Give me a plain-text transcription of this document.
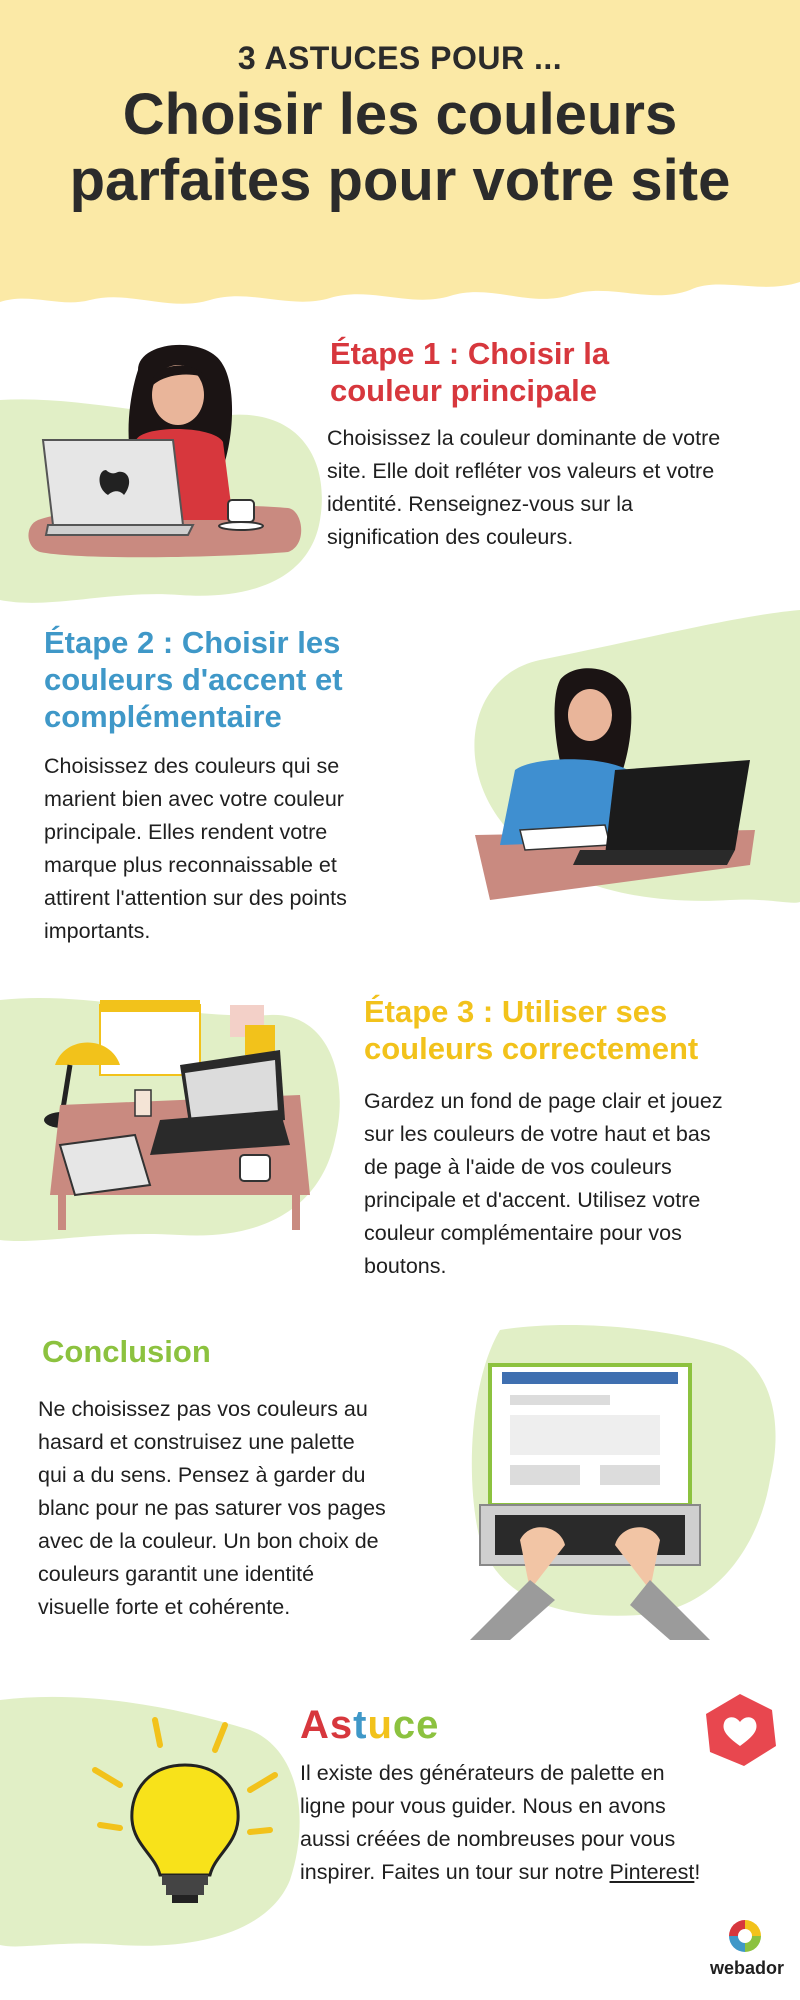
3 ASTUCES POUR ...
Choisir les couleurs
parfaites pour votre site
Étape 1 : Choisir la
couleur principale
Choisissez la couleur dominante de votre
site. Elle doit refléter vos valeurs et votre
identité. Renseignez-vous sur la
signification des couleurs.
Étape 2 : Choisir les
couleurs d'accent et
complémentaire
Choisissez des couleurs qui se
marient bien avec votre couleur
principale. Elles rendent votre
marque plus reconnaissable et
attirent l'attention sur des points
importants.
Étape 3 : Utiliser ses
couleurs correctement
Gardez un fond de page clair et jouez
sur les couleurs de votre haut et bas
de page à l'aide de vos couleurs
principale et d'accent. Utilisez votre
couleur complémentaire pour vos
boutons.
Conclusion
Ne choisissez pas vos couleurs au
hasard et construisez une palette
qui a du sens. Pensez à garder du
blanc pour ne pas saturer vos pages
avec de la couleur. Un bon choix de
couleurs garantit une identité
visuelle forte et cohérente.
Astuce
Il existe des générateurs de palette en
ligne pour vous guider. Nous en avons
aussi créées de nombreuses pour vous
inspirer. Faites un tour sur notre Pinterest!
webador
